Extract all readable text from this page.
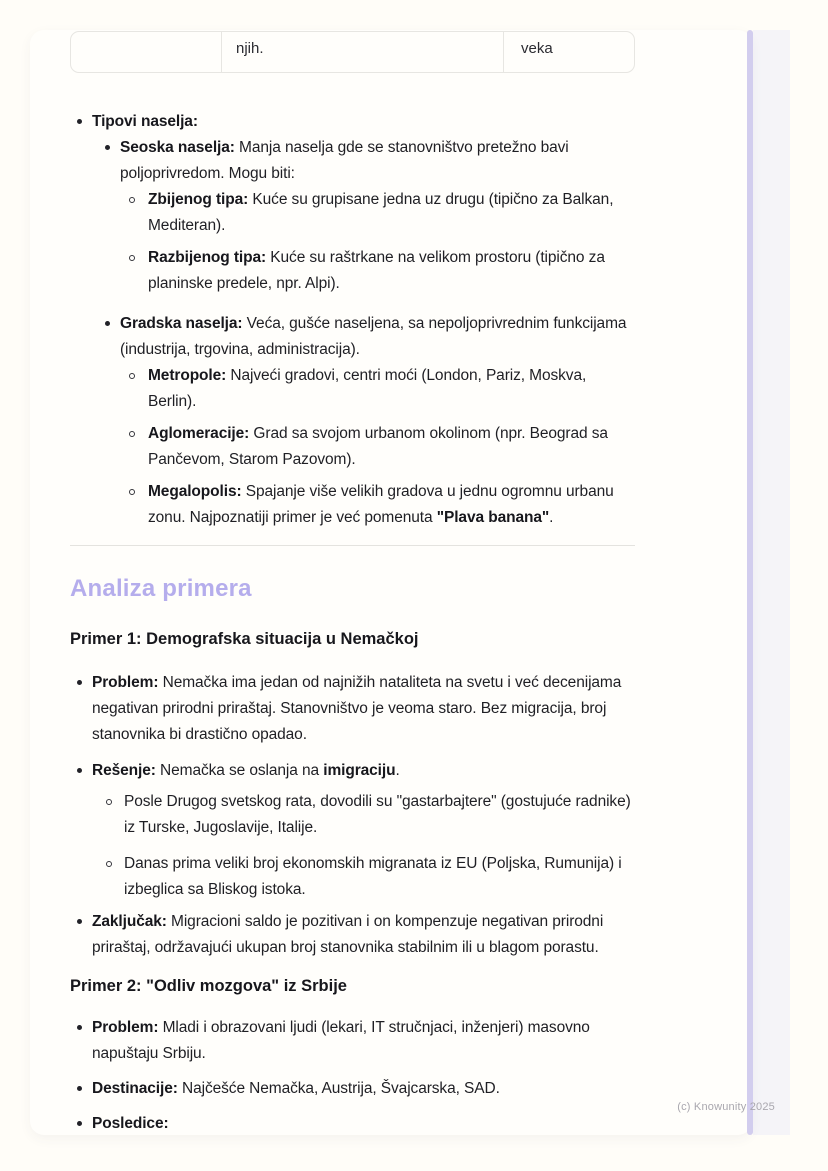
njih.	veka
Tipovi naselja:
Seoska naselja: Manja naselja gde se stanovništvo pretežno bavi poljoprivredom. Mogu biti:
Zbijenog tipa: Kuće su grupisane jedna uz drugu (tipično za Balkan, Mediteran).
Razbijenog tipa: Kuće su raštrkane na velikom prostoru (tipično za planinske predele, npr. Alpi).
Gradska naselja: Veća, gušće naseljena, sa nepoljoprivrednim funkcijama (industrija, trgovina, administracija).
Metropole: Najveći gradovi, centri moći (London, Pariz, Moskva, Berlin).
Aglomeracije: Grad sa svojom urbanom okolinom (npr. Beograd sa Pančevom, Starom Pazovom).
Megalopolis: Spajanje više velikih gradova u jednu ogromnu urbanu zonu. Najpoznatiji primer je već pomenuta "Plava banana".
Analiza primera
Primer 1: Demografska situacija u Nemačkoj
Problem: Nemačka ima jedan od najnižih nataliteta na svetu i već decenijama negativan prirodni priraštaj. Stanovništvo je veoma staro. Bez migracija, broj stanovnika bi drastično opadao.
Rešenje: Nemačka se oslanja na imigraciju.
Posle Drugog svetskog rata, dovodili su "gastarbajtere" (gostujuće radnike) iz Turske, Jugoslavije, Italije.
Danas prima veliki broj ekonomskih migranata iz EU (Poljska, Rumunija) i izbeglica sa Bliskog istoka.
Zaključak: Migracioni saldo je pozitivan i on kompenzuje negativan prirodni priraštaj, održavajući ukupan broj stanovnika stabilnim ili u blagom porastu.
Primer 2: "Odliv mozgova" iz Srbije
Problem: Mladi i obrazovani ljudi (lekari, IT stručnjaci, inženjeri) masovno napuštaju Srbiju.
Destinacije: Najčešće Nemačka, Austrija, Švajcarska, SAD.
Posledice:
(c) Knowunity 2025
